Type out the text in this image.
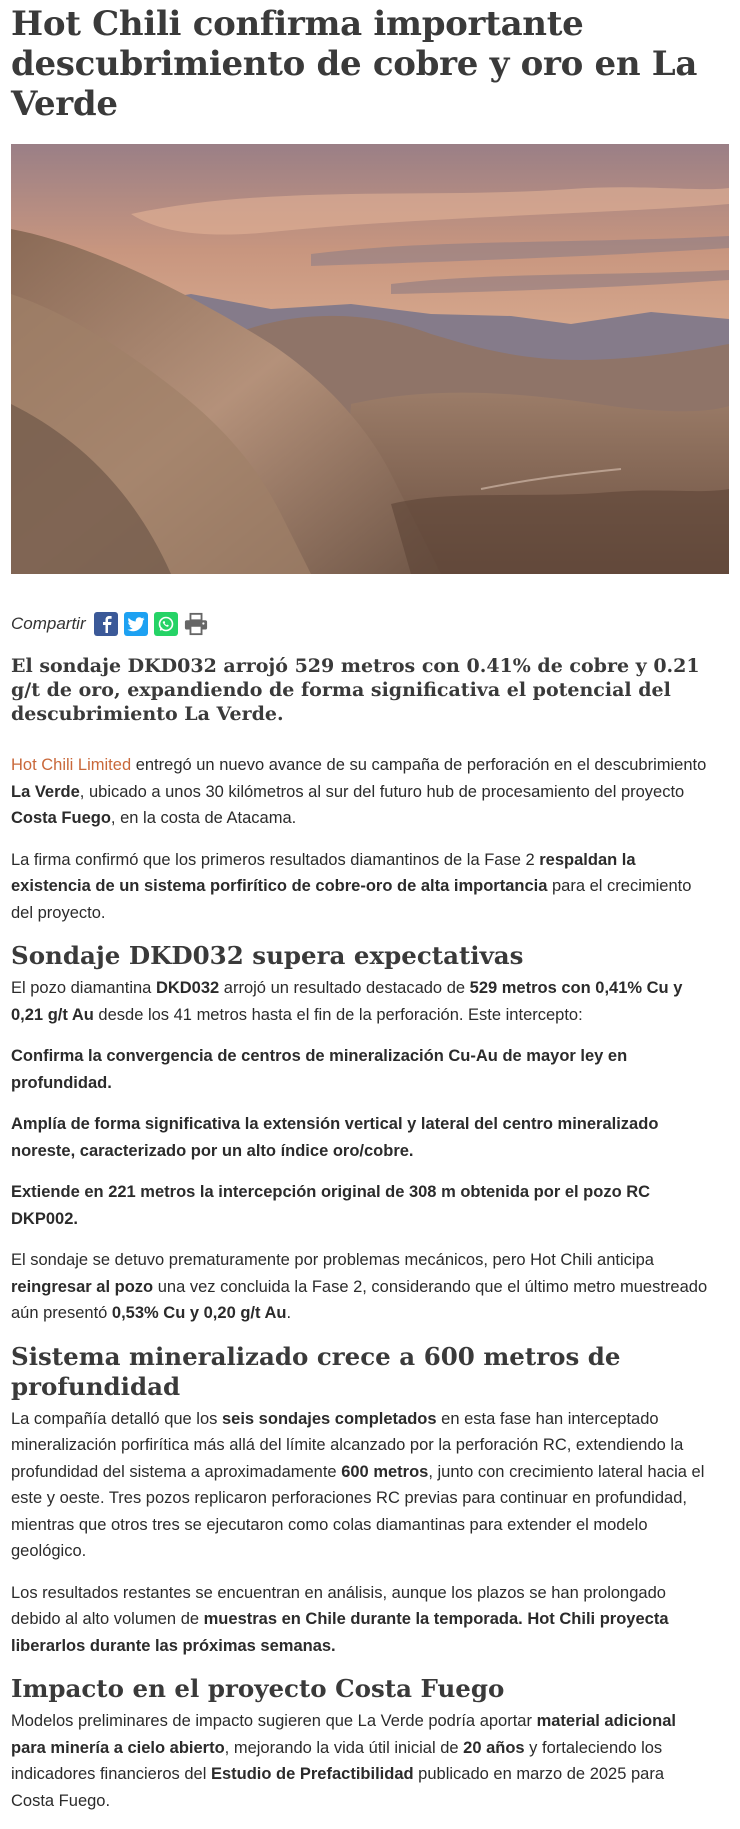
Hot Chili confirma importante descubrimiento de cobre y oro en La Verde
Compartir
El sondaje DKD032 arrojó 529 metros con 0.41% de cobre y 0.21 g/t de oro, expandiendo de forma significativa el potencial del descubrimiento La Verde.

Hot Chili Limited entregó un nuevo avance de su campaña de perforación en el descubrimiento La Verde, ubicado a unos 30 kilómetros al sur del futuro hub de procesamiento del proyecto Costa Fuego, en la costa de Atacama.

La firma confirmó que los primeros resultados diamantinos de la Fase 2 respaldan la existencia de un sistema porfirítico de cobre-oro de alta importancia para el crecimiento del proyecto.

Sondaje DKD032 supera expectativas

El pozo diamantina DKD032 arrojó un resultado destacado de 529 metros con 0,41% Cu y 0,21 g/t Au desde los 41 metros hasta el fin de la perforación. Este intercepto:

Confirma la convergencia de centros de mineralización Cu-Au de mayor ley en profundidad.

Amplía de forma significativa la extensión vertical y lateral del centro mineralizado noreste, caracterizado por un alto índice oro/cobre.

Extiende en 221 metros la intercepción original de 308 m obtenida por el pozo RC DKP002.

El sondaje se detuvo prematuramente por problemas mecánicos, pero Hot Chili anticipa reingresar al pozo una vez concluida la Fase 2, considerando que el último metro muestreado aún presentó 0,53% Cu y 0,20 g/t Au.

Sistema mineralizado crece a 600 metros de profundidad

La compañía detalló que los seis sondajes completados en esta fase han interceptado mineralización porfirítica más allá del límite alcanzado por la perforación RC, extendiendo la profundidad del sistema a aproximadamente 600 metros, junto con crecimiento lateral hacia el este y oeste. Tres pozos replicaron perforaciones RC previas para continuar en profundidad, mientras que otros tres se ejecutaron como colas diamantinas para extender el modelo geológico.

Los resultados restantes se encuentran en análisis, aunque los plazos se han prolongado debido al alto volumen de muestras en Chile durante la temporada. Hot Chili proyecta liberarlos durante las próximas semanas.

Impacto en el proyecto Costa Fuego

Modelos preliminares de impacto sugieren que La Verde podría aportar material adicional para minería a cielo abierto, mejorando la vida útil inicial de 20 años y fortaleciendo los indicadores financieros del Estudio de Prefactibilidad publicado en marzo de 2025 para Costa Fuego.
